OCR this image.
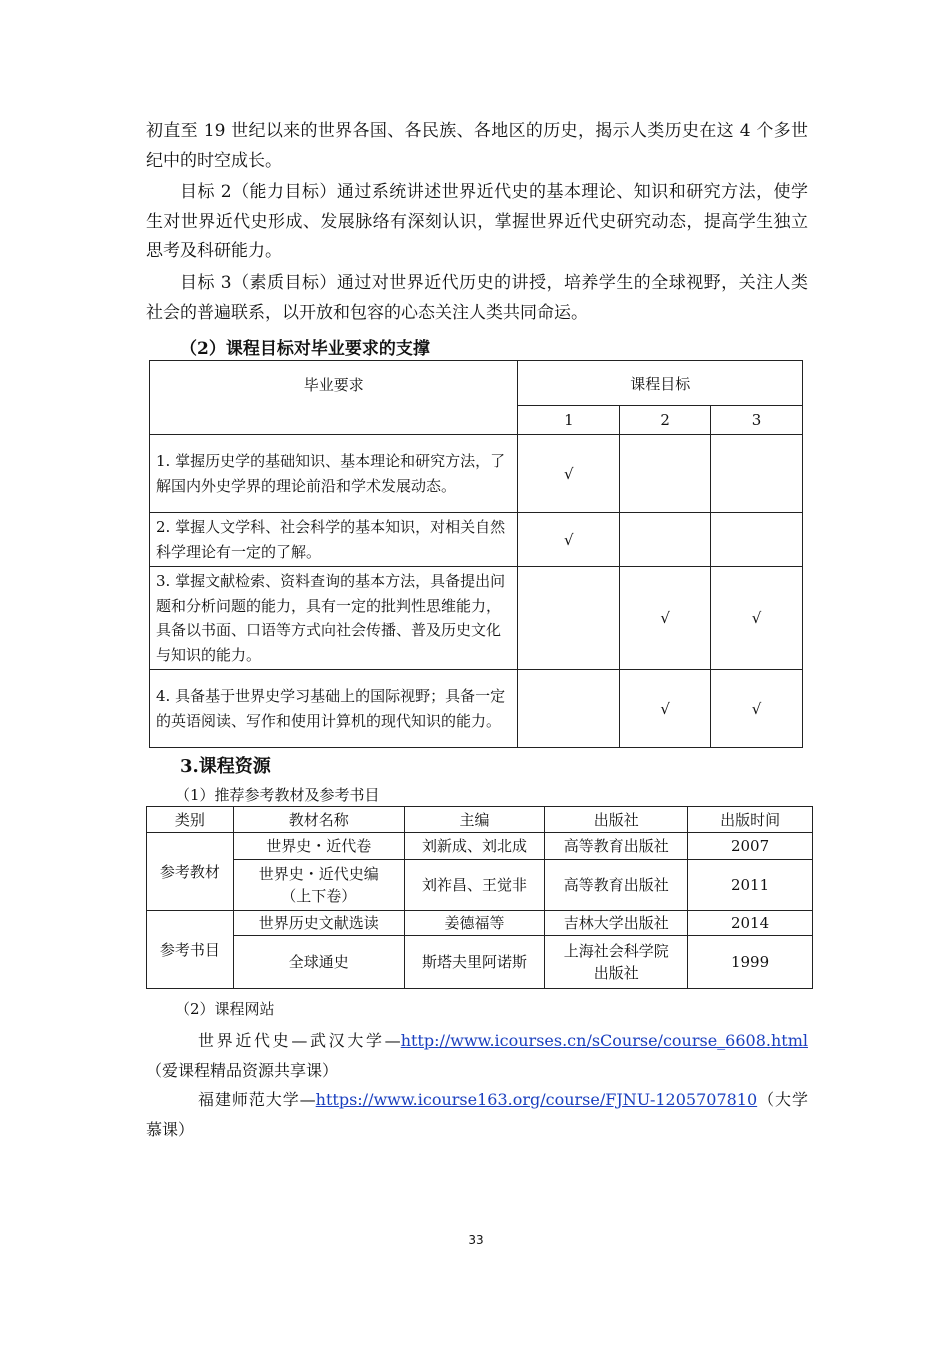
初直至 19 世纪以来的世界各国、各民族、各地区的历史，揭示人类历史在这 4 个多世纪中的时空成长。

目标 2（能力目标）通过系统讲述世界近代史的基本理论、知识和研究方法，使学生对世界近代史形成、发展脉络有深刻认识，掌握世界近代史研究动态，提高学生独立思考及科研能力。

目标 3（素质目标）通过对世界近代历史的讲授，培养学生的全球视野，关注人类社会的普遍联系，以开放和包容的心态关注人类共同命运。

（2）课程目标对毕业要求的支撑

毕业要求	课程目标		
	1	2	3
1. 掌握历史学的基础知识、基本理论和研究方法，了解国内外史学界的理论前沿和学术发展动态。	√		
2. 掌握人文学科、社会科学的基本知识，对相关自然科学理论有一定的了解。	√		
3. 掌握文献检索、资料查询的基本方法，具备提出问题和分析问题的能力，具有一定的批判性思维能力，具备以书面、口语等方式向社会传播、普及历史文化与知识的能力。		√	√
4. 具备基于世界史学习基础上的国际视野；具备一定的英语阅读、写作和使用计算机的现代知识的能力。		√	√

3.课程资源

（1）推荐参考教材及参考书目

类别	教材名称	主编	出版社	出版时间
参考教材	世界史・近代卷	刘新成、刘北成	高等教育出版社	2007
	世界史・近代史编（上下卷）	刘祚昌、王觉非	高等教育出版社	2011
参考书目	世界历史文献选读	姜德福等	吉林大学出版社	2014
	全球通史	斯塔夫里阿诺斯	上海社会科学院出版社	1999

（2）课程网站

世界近代史—武汉大学—http://www.icourses.cn/sCourse/course_6608.html（爱课程精品资源共享课）

福建师范大学—https://www.icourse163.org/course/FJNU-1205707810（大学慕课）

33
